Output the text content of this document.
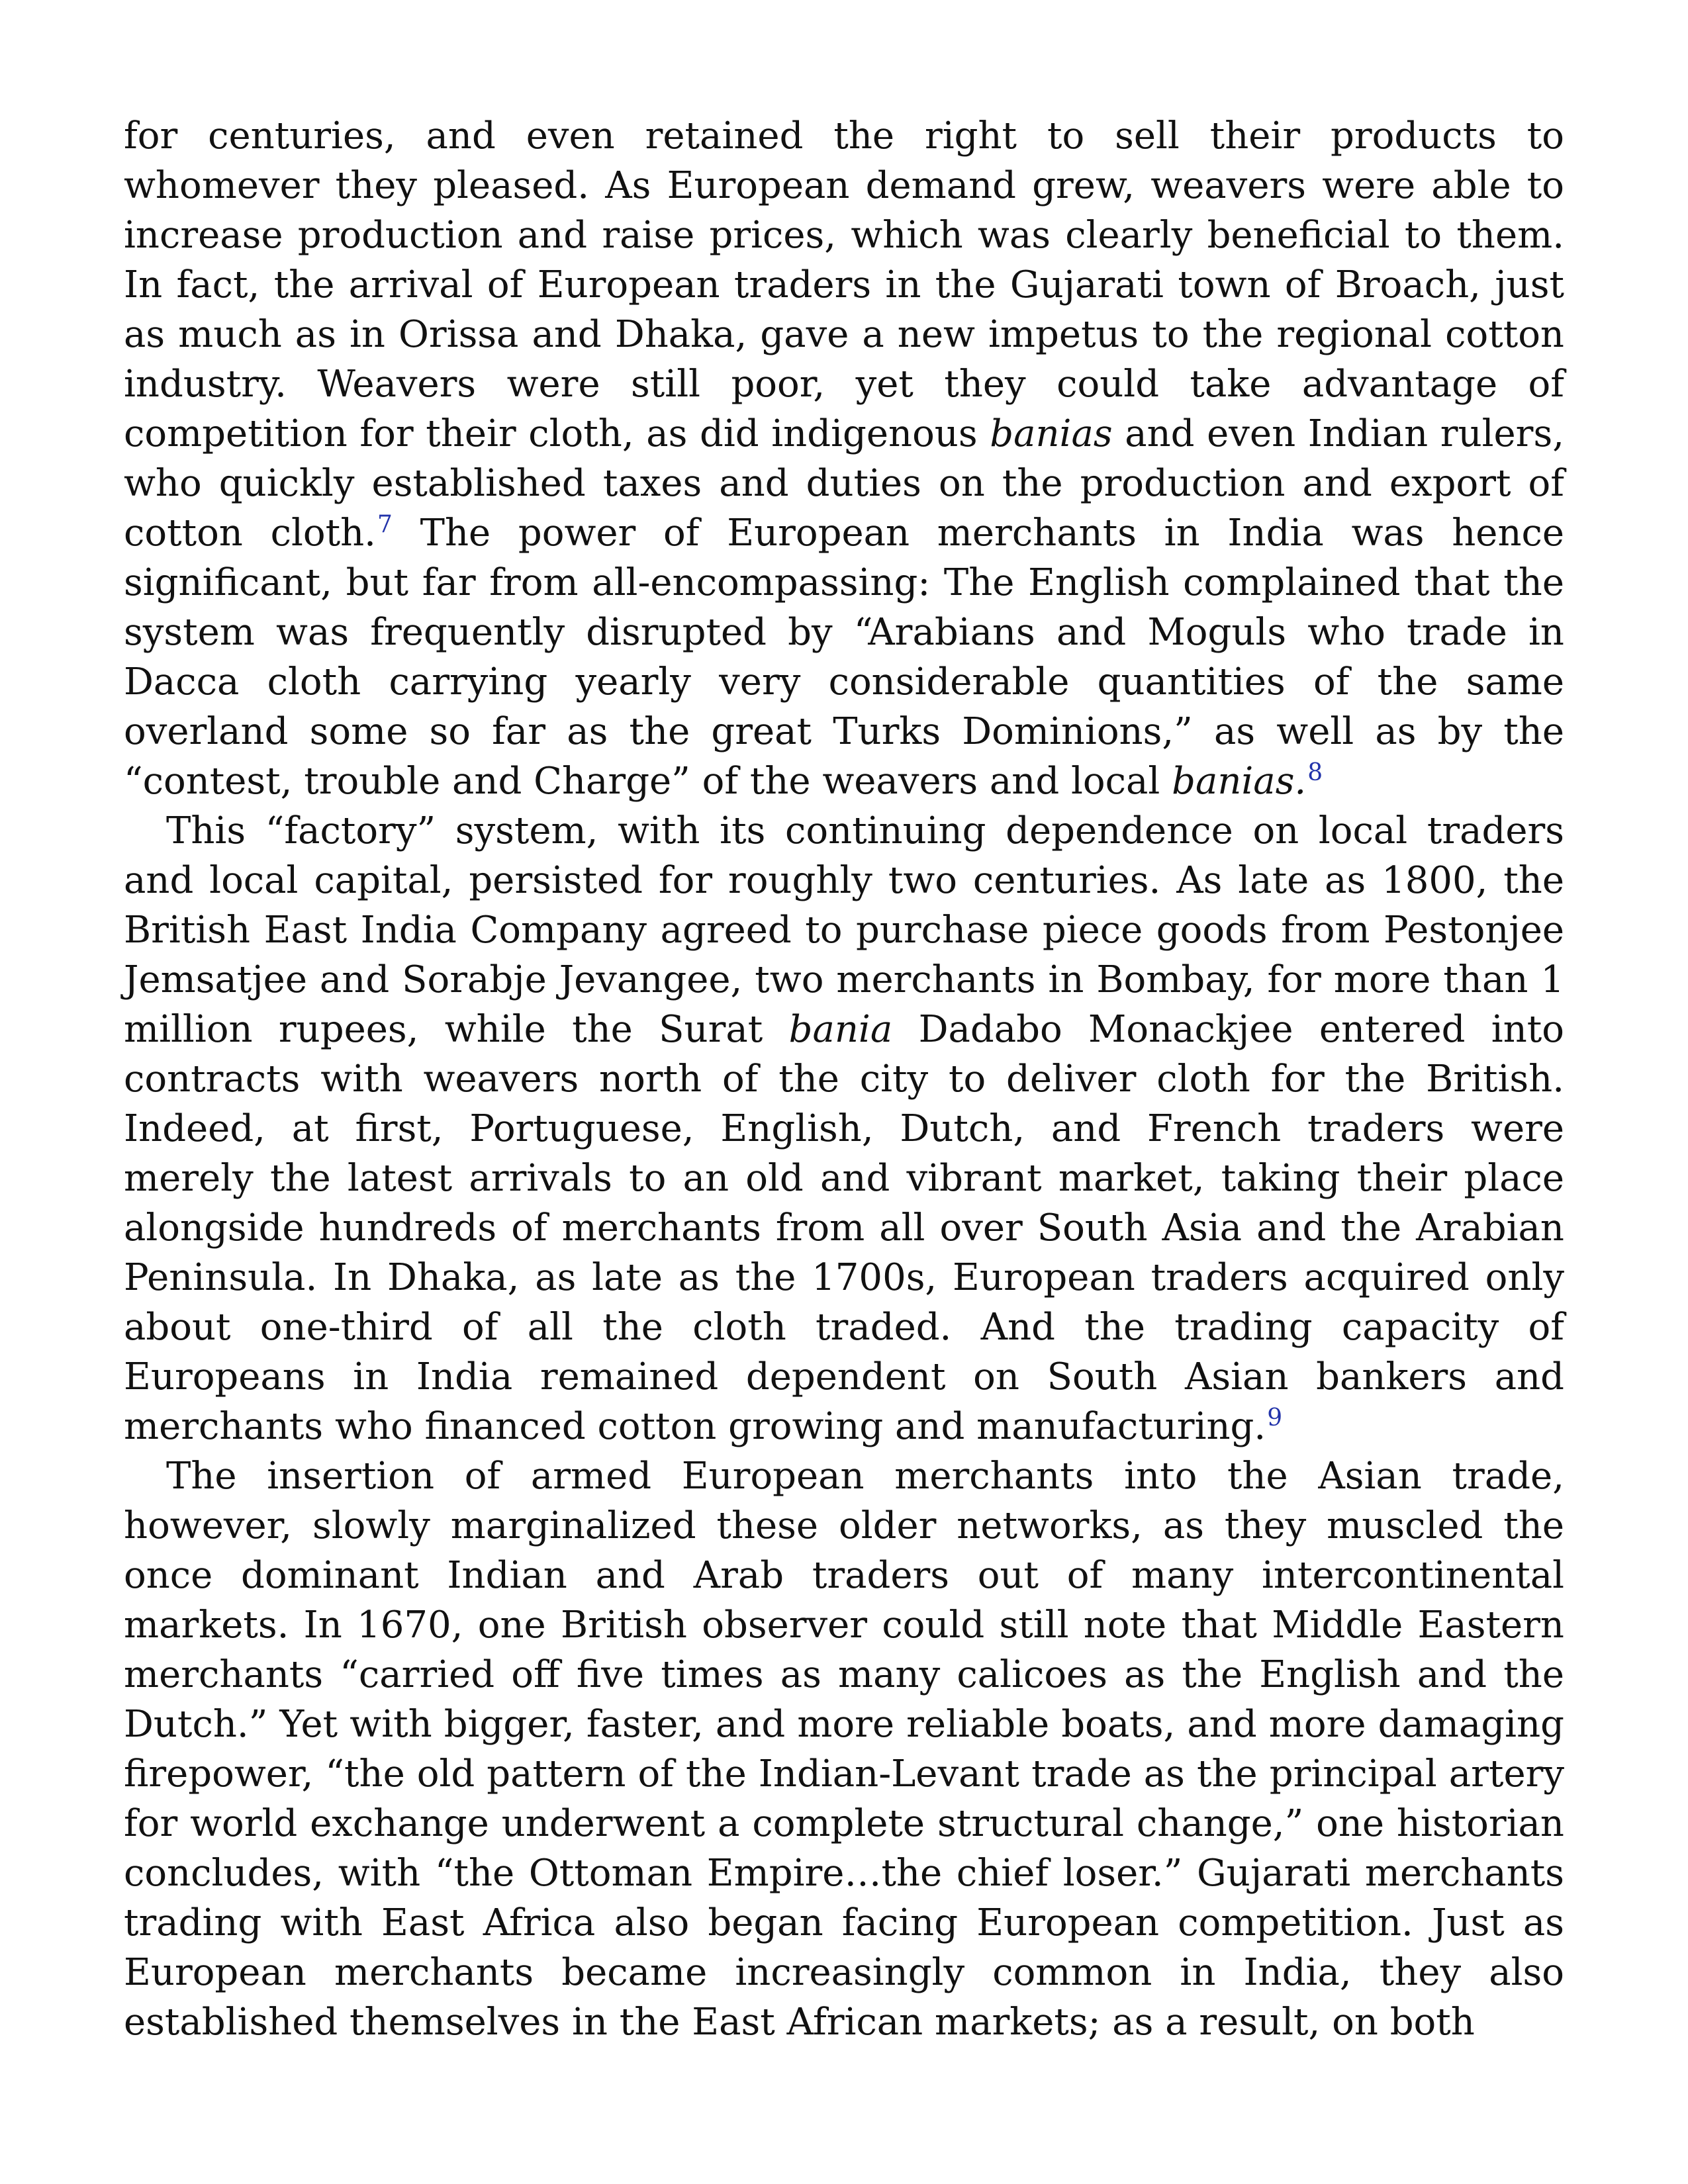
for centuries, and even retained the right to sell their products to whomever they pleased. As European demand grew, weavers were able to increase production and raise prices, which was clearly beneficial to them. In fact, the arrival of European traders in the Gujarati town of Broach, just as much as in Orissa and Dhaka, gave a new impetus to the regional cotton industry. Weavers were still poor, yet they could take advantage of competition for their cloth, as did indigenous banias and even Indian rulers, who quickly established taxes and duties on the production and export of cotton cloth.$^7$ The power of European merchants in India was hence significant, but far from all-encompassing: The English complained that the system was frequently disrupted by “Arabians and Moguls who trade in Dacca cloth carrying yearly very considerable quantities of the same overland some so far as the great Turks Dominions,” as well as by the “contest, trouble and Charge” of the weavers and local banias.$^8$

This “factory” system, with its continuing dependence on local traders and local capital, persisted for roughly two centuries. As late as 1800, the British East India Company agreed to purchase piece goods from Pestonjee Jemsatjee and Sorabje Jevangee, two merchants in Bombay, for more than 1 million rupees, while the Surat bania Dadabo Monackjee entered into contracts with weavers north of the city to deliver cloth for the British. Indeed, at first, Portuguese, English, Dutch, and French traders were merely the latest arrivals to an old and vibrant market, taking their place alongside hundreds of merchants from all over South Asia and the Arabian Peninsula. In Dhaka, as late as the 1700s, European traders acquired only about one-third of all the cloth traded. And the trading capacity of Europeans in India remained dependent on South Asian bankers and merchants who financed cotton growing and manufacturing.$^9$

The insertion of armed European merchants into the Asian trade, however, slowly marginalized these older networks, as they muscled the once dominant Indian and Arab traders out of many intercontinental markets. In 1670, one British observer could still note that Middle Eastern merchants “carried off five times as many calicoes as the English and the Dutch.” Yet with bigger, faster, and more reliable boats, and more damaging firepower, “the old pattern of the Indian-Levant trade as the principal artery for world exchange underwent a complete structural change,” one historian concludes, with “the Ottoman Empire…the chief loser.” Gujarati merchants trading with East Africa also began facing European competition. Just as European merchants became increasingly common in India, they also established themselves in the East African markets; as a result, on both
